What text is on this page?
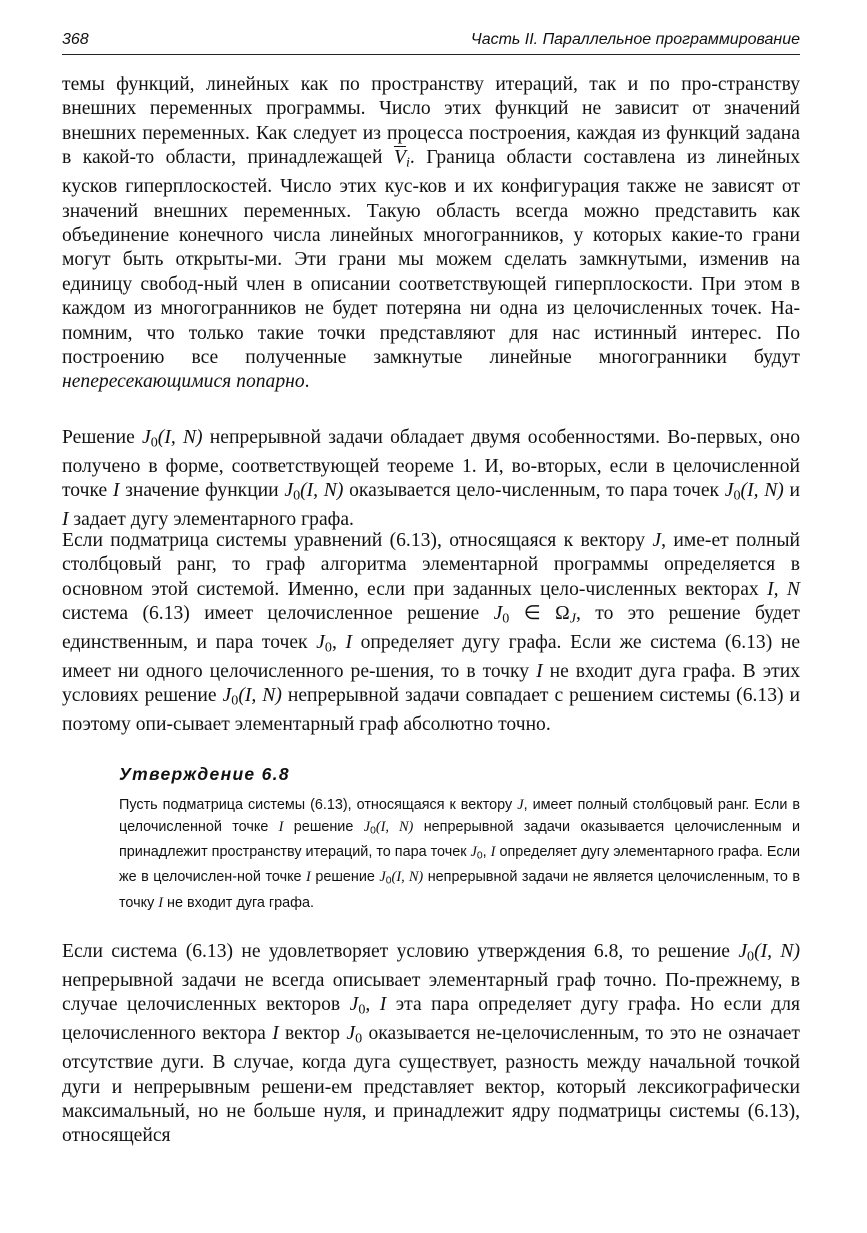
368	Часть II. Параллельное программирование

темы функций, линейных как по пространству итераций, так и по про-странству внешних переменных программы. Число этих функций не зависит от значений внешних переменных. Как следует из процесса построения, каждая из функций задана в какой-то области, принадлежащей $\overline{V}_i$. Граница области составлена из линейных кусков гиперплоскостей. Число этих кус-ков и их конфигурация также не зависят от значений внешних переменных. Такую область всегда можно представить как объединение конечного числа линейных многогранников, у которых какие-то грани могут быть открыты-ми. Эти грани мы можем сделать замкнутыми, изменив на единицу свобод-ный член в описании соответствующей гиперплоскости. При этом в каждом из многогранников не будет потеряна ни одна из целочисленных точек. На-помним, что только такие точки представляют для нас истинный интерес. По построению все полученные замкнутые линейные многогранники будут непересекающимися попарно.

Решение $J_0(I$, N) непрерывной задачи обладает двумя особенностями. Во-первых, оно получено в форме, соответствующей теореме 1. И, во-вторых, если в целочисленной точке I значение функции $J_0(I$, N) оказывается цело-численным, то пара точек $J_0(I$, N) и I задает дугу элементарного графа.

Если подматрица системы уравнений (6.13), относящаяся к вектору J, име-ет полный столбцовый ранг, то граф алгоритма элементарной программы определяется в основном этой системой. Именно, если при заданных цело-численных векторах I, N система (6.13) имеет целочисленное решение $J_0$ ∈ $\Omega_J$, то это решение будет единственным, и пара точек $J_0$, I определяет дугу графа. Если же система (6.13) не имеет ни одного целочисленного ре-шения, то в точку I не входит дуга графа. В этих условиях решение $J_0(I$, N) непрерывной задачи совпадает с решением системы (6.13) и поэтому опи-сывает элементарный граф абсолютно точно.

Утверждение 6.8

Пусть подматрица системы (6.13), относящаяся к вектору J, имеет полный столбцовый ранг. Если в целочисленной точке I решение $J_0(I$, N) непрерывной задачи оказывается целочисленным и принадлежит пространству итераций, то пара точек $J_0$, I определяет дугу элементарного графа. Если же в целочислен-ной точке I решение $J_0(I$, N) непрерывной задачи не является целочисленным, то в точку I не входит дуга графа.

Если система (6.13) не удовлетворяет условию утверждения 6.8, то решение $J_0(I$, N) непрерывной задачи не всегда описывает элементарный граф точно. По-прежнему, в случае целочисленных векторов $J_0$, I эта пара определяет дугу графа. Но если для целочисленного вектора I вектор $J_0$ оказывается не-целочисленным, то это не означает отсутствие дуги. В случае, когда дуга существует, разность между начальной точкой дуги и непрерывным решени-ем представляет вектор, который лексикографически максимальный, но не больше нуля, и принадлежит ядру подматрицы системы (6.13), относящейся
